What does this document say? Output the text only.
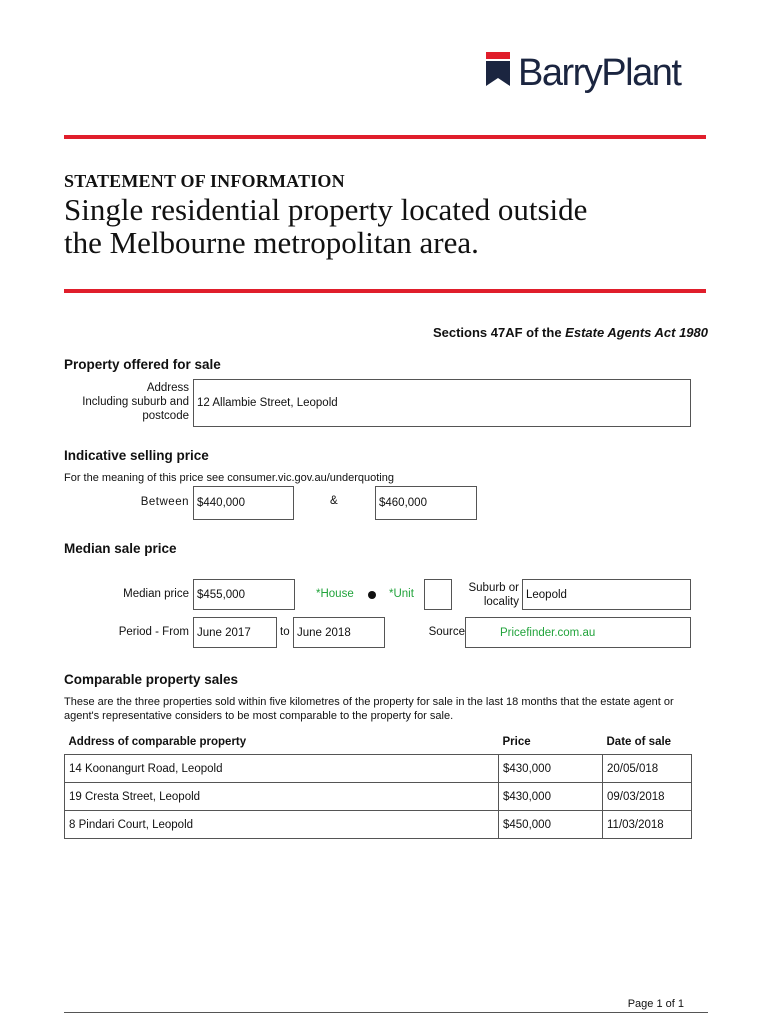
BarryPlant
STATEMENT OF INFORMATION
Single residential property located outside
the Melbourne metropolitan area.
Sections 47AF of the Estate Agents Act 1980
Property offered for sale
Address
Including suburb and
postcode
12 Allambie Street, Leopold
Indicative selling price
For the meaning of this price see consumer.vic.gov.au/underquoting
Between $440,000	&	$460,000
Median sale price
Median price $455,000	*House	*Unit	Suburb or
locality
Leopold
Period - From June 2017	to June 2018	Source	Pricefinder.com.au
Comparable property sales
These are the three properties sold within five kilometres of the property for sale in the last 18 months that the estate agent or agent's representative considers to be most comparable to the property for sale.
Address of comparable property	Price	Date of sale
14 Koonangurt Road, Leopold	$430,000	20/05/018
19 Cresta Street, Leopold	$430,000	09/03/2018
8 Pindari Court, Leopold	$450,000	11/03/2018
Page 1 of 1
